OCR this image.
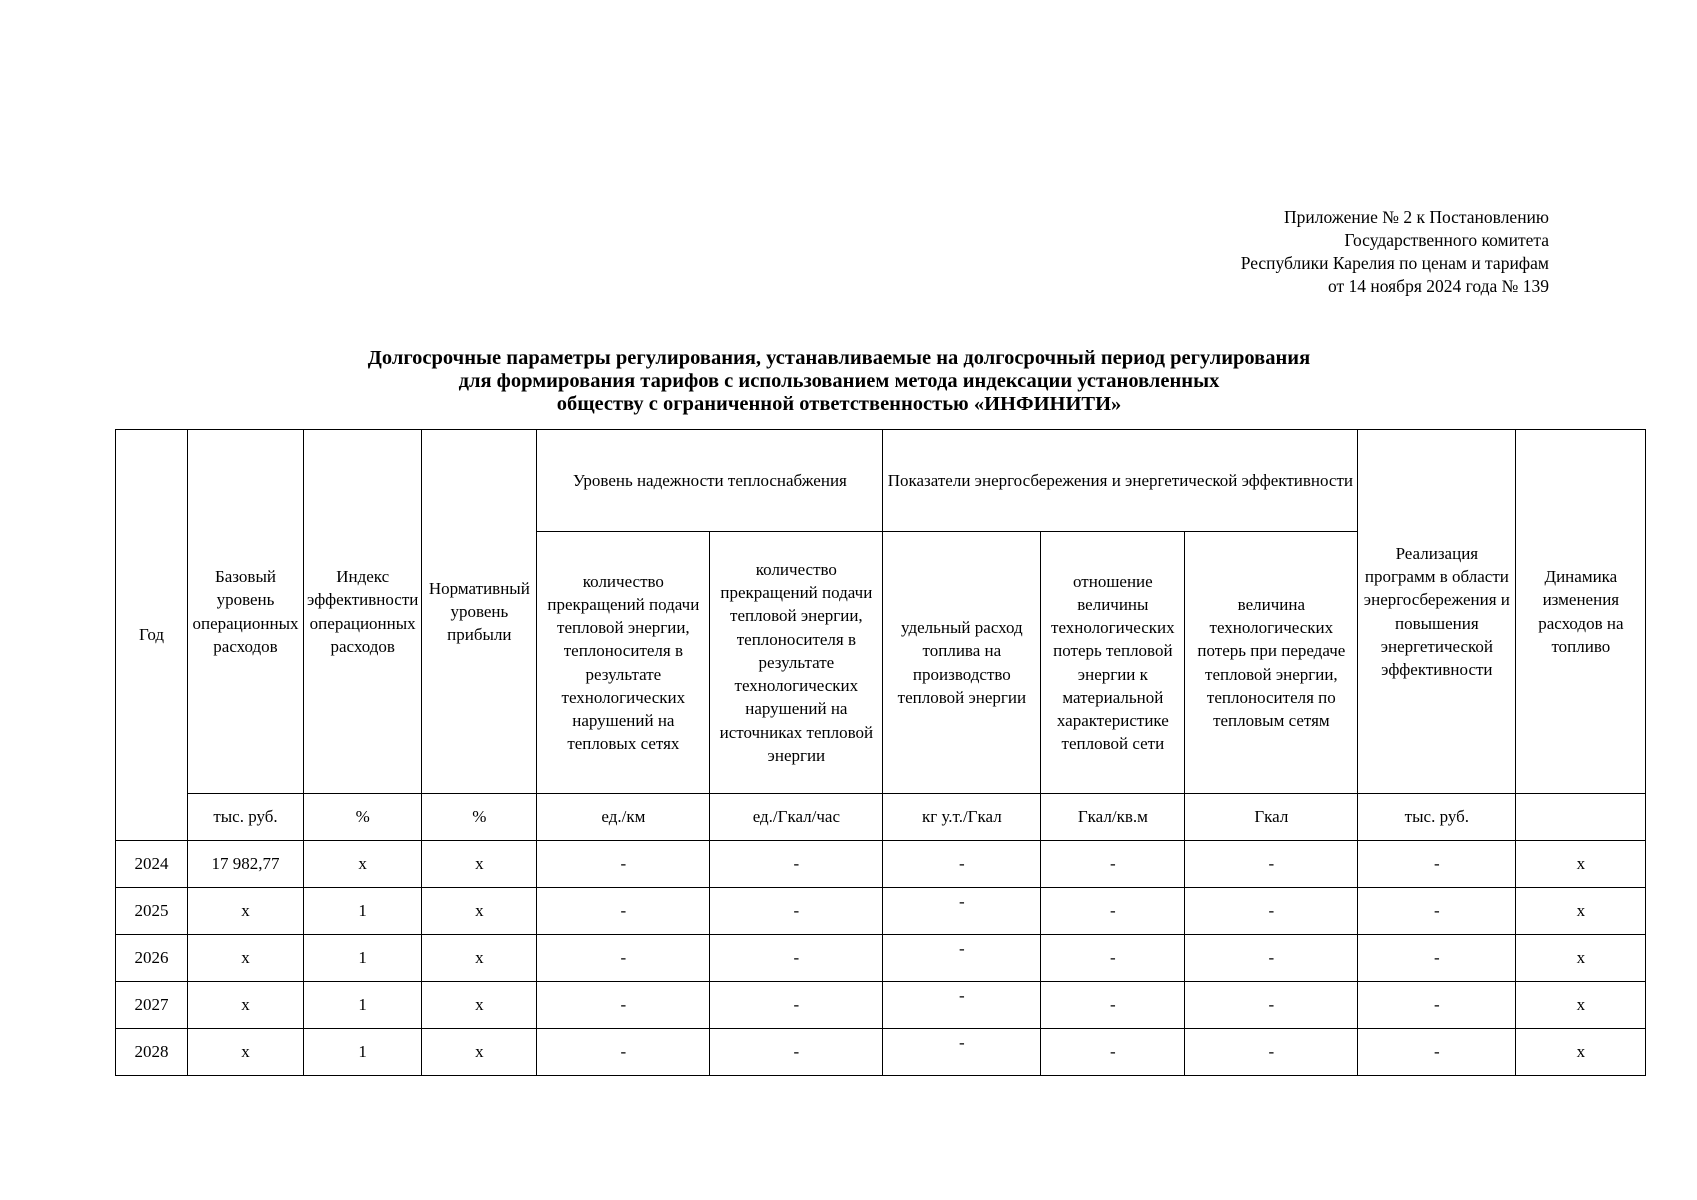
Приложение № 2 к Постановлению
Государственного комитета
Республики Карелия по ценам и тарифам
от 14 ноября 2024 года № 139
Долгосрочные параметры регулирования, устанавливаемые на долгосрочный период регулирования
для формирования тарифов с использованием метода индексации установленных
обществу с ограниченной ответственностью «ИНФИНИТИ»
Год	Базовый уровень операционных расходов	Индекс эффективности операционных расходов	Нормативный уровень прибыли	Уровень надежности теплоснабжения		Показатели энергосбережения и энергетической эффективности			Реализация программ в области энергосбережения и повышения энергетической эффективности	Динамика изменения расходов на топливо
				количество прекращений подачи тепловой энергии, теплоносителя в результате технологических нарушений на тепловых сетях	количество прекращений подачи тепловой энергии, теплоносителя в результате технологических нарушений на источниках тепловой энергии	удельный расход топлива на производство тепловой энергии	отношение величины технологических потерь тепловой энергии к материальной характеристике тепловой сети	величина технологических потерь при передаче тепловой энергии, теплоносителя по тепловым сетям		
	тыс. руб.	%	%	ед./км	ед./Гкал/час	кг у.т./Гкал	Гкал/кв.м	Гкал	тыс. руб.	
2024	17 982,77	х	х	-	-	-	-	-	-	х
2025	х	1	х	-	-	-	-	-	-	х
2026	х	1	х	-	-	-	-	-	-	х
2027	х	1	х	-	-	-	-	-	-	х
2028	х	1	х	-	-	-	-	-	-	х
